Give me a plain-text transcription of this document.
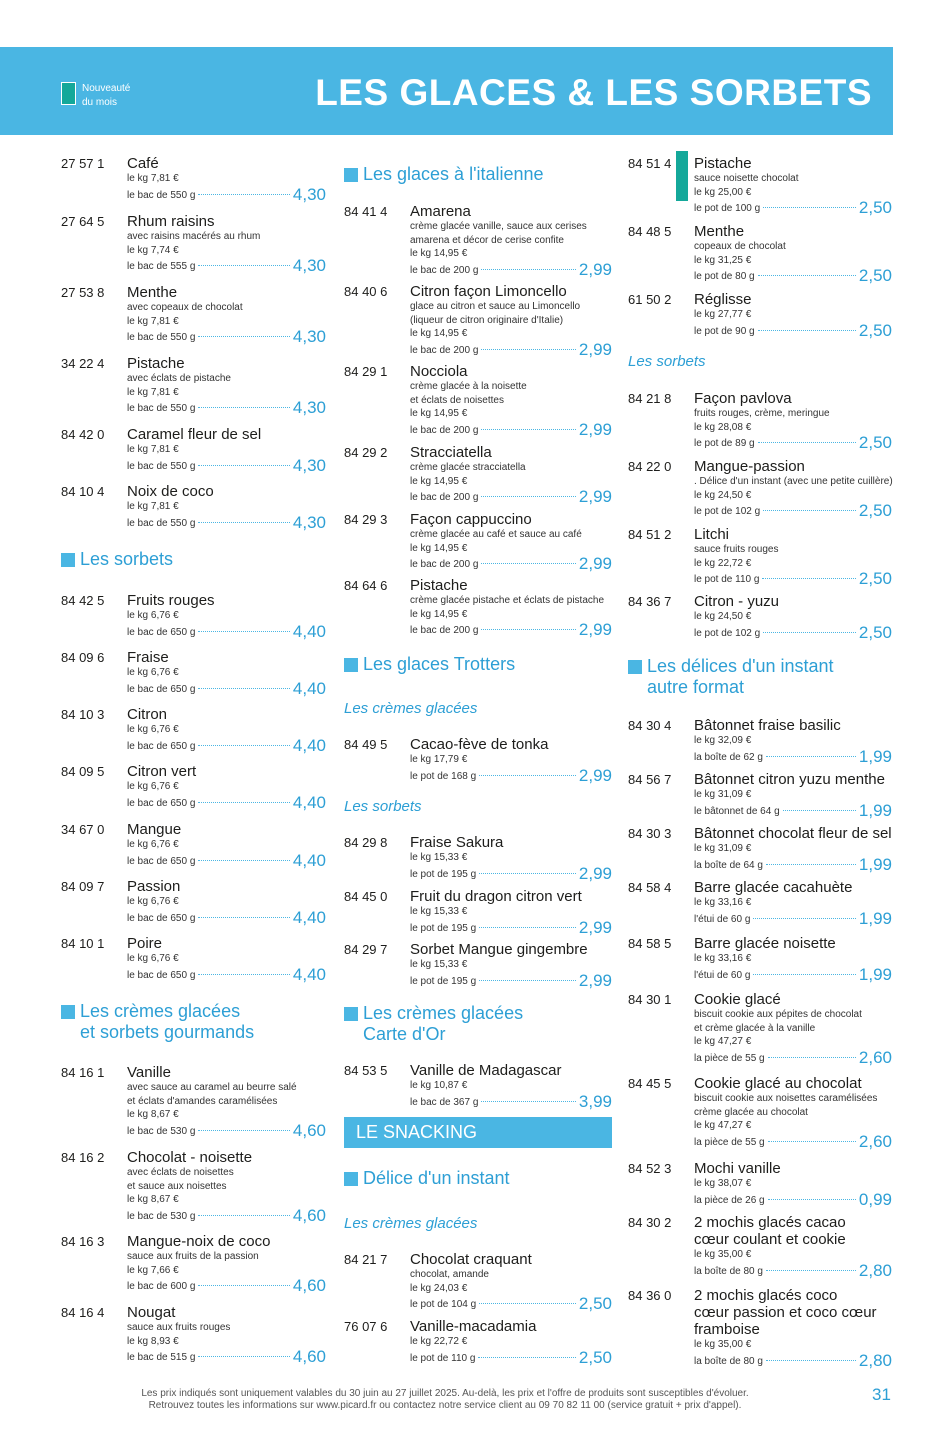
Nouveauté
du mois	LES GLACES & LES SORBETS
27 57 1 Café
le kg 7,81 €
le bac de 550 g	4,30
27 64 5 Rhum raisins
avec raisins macérés au rhum
le kg 7,74 €
le bac de 555 g	4,30
27 53 8 Menthe
avec copeaux de chocolat
le kg 7,81 €
le bac de 550 g	4,30
34 22 4 Pistache
avec éclats de pistache
le kg 7,81 €
le bac de 550 g	4,30
84 42 0 Caramel fleur de sel
le kg 7,81 €
le bac de 550 g	4,30
84 10 4 Noix de coco
le kg 7,81 €
le bac de 550 g	4,30
Les sorbets
84 42 5 Fruits rouges
le kg 6,76 €
le bac de 650 g	4,40
84 09 6 Fraise
le kg 6,76 €
le bac de 650 g	4,40
84 10 3 Citron
le kg 6,76 €
le bac de 650 g	4,40
84 09 5 Citron vert
le kg 6,76 €
le bac de 650 g	4,40
34 67 0 Mangue
le kg 6,76 €
le bac de 650 g	4,40
84 09 7 Passion
le kg 6,76 €
le bac de 650 g	4,40
84 10 1 Poire
le kg 6,76 €
le bac de 650 g	4,40
Les crèmes glacées
et sorbets gourmands
84 16 1 Vanille
avec sauce au caramel au beurre salé
et éclats d'amandes caramélisées
le kg 8,67 €
le bac de 530 g	4,60
84 16 2 Chocolat - noisette
avec éclats de noisettes
et sauce aux noisettes
le kg 8,67 €
le bac de 530 g	4,60
84 16 3 Mangue-noix de coco
sauce aux fruits de la passion
le kg 7,66 €
le bac de 600 g	4,60
84 16 4 Nougat
sauce aux fruits rouges
le kg 8,93 €
le bac de 515 g	4,60
Les glaces à l'italienne
84 41 4 Amarena
crème glacée vanille, sauce aux cerises
amarena et décor de cerise confite
le kg 14,95 €
le bac de 200 g	2,99
84 40 6 Citron façon Limoncello
glace au citron et sauce au Limoncello
(liqueur de citron originaire d'Italie)
le kg 14,95 €
le bac de 200 g	2,99
84 29 1 Nocciola
crème glacée à la noisette
et éclats de noisettes
le kg 14,95 €
le bac de 200 g	2,99
84 29 2 Stracciatella
crème glacée stracciatella
le kg 14,95 €
le bac de 200 g	2,99
84 29 3 Façon cappuccino
crème glacée au café et sauce au café
le kg 14,95 €
le bac de 200 g	2,99
84 64 6 Pistache
crème glacée pistache et éclats de pistache
le kg 14,95 €
le bac de 200 g	2,99
Les glaces Trotters
Les crèmes glacées
84 49 5 Cacao-fève de tonka
le kg 17,79 €
le pot de 168 g	2,99
Les sorbets
84 29 8 Fraise Sakura
le kg 15,33 €
le pot de 195 g	2,99
84 45 0 Fruit du dragon citron vert
le kg 15,33 €
le pot de 195 g	2,99
84 29 7 Sorbet Mangue gingembre
le kg 15,33 €
le pot de 195 g	2,99
Les crèmes glacées
Carte d'Or
84 53 5 Vanille de Madagascar
le kg 10,87 €
le bac de 367 g	3,99
LE SNACKING
Délice d'un instant
Les crèmes glacées
84 21 7 Chocolat craquant
chocolat, amande
le kg 24,03 €
le pot de 104 g	2,50
76 07 6 Vanille-macadamia
le kg 22,72 €
le pot de 110 g	2,50
84 51 4 Pistache
sauce noisette chocolat
le kg 25,00 €
le pot de 100 g	2,50
84 48 5 Menthe
copeaux de chocolat
le kg 31,25 €
le pot de 80 g	2,50
61 50 2 Réglisse
le kg 27,77 €
le pot de 90 g	2,50
Les sorbets
84 21 8 Façon pavlova
fruits rouges, crème, meringue
le kg 28,08 €
le pot de 89 g	2,50
84 22 0 Mangue-passion
. Délice d'un instant (avec une petite cuillère)
le kg 24,50 €
le pot de 102 g	2,50
84 51 2 Litchi
sauce fruits rouges
le kg 22,72 €
le pot de 110 g	2,50
84 36 7 Citron - yuzu
le kg 24,50 €
le pot de 102 g	2,50
Les délices d'un instant
autre format
84 30 4 Bâtonnet fraise basilic
le kg 32,09 €
la boîte de 62 g	1,99
84 56 7 Bâtonnet citron yuzu menthe
le kg 31,09 €
le bâtonnet de 64 g	1,99
84 30 3 Bâtonnet chocolat fleur de sel
le kg 31,09 €
la boîte de 64 g	1,99
84 58 4 Barre glacée cacahuète
le kg 33,16 €
l'étui de 60 g	1,99
84 58 5 Barre glacée noisette
le kg 33,16 €
l'étui de 60 g	1,99
84 30 1 Cookie glacé
biscuit cookie aux pépites de chocolat
et crème glacée à la vanille
le kg 47,27 €
la pièce de 55 g	2,60
84 45 5 Cookie glacé au chocolat
biscuit cookie aux noisettes caramélisées
crème glacée au chocolat
le kg 47,27 €
la pièce de 55 g	2,60
84 52 3 Mochi vanille
le kg 38,07 €
la pièce de 26 g	0,99
84 30 2 2 mochis glacés cacao
cœur coulant et cookie
le kg 35,00 €
la boîte de 80 g	2,80
84 36 0 2 mochis glacés coco
cœur passion et coco cœur
framboise
le kg 35,00 €
la boîte de 80 g	2,80
Les prix indiqués sont uniquement valables du 30 juin au 27 juillet 2025. Au-delà, les prix et l'offre de produits sont susceptibles d'évoluer.
Retrouvez toutes les informations sur www.picard.fr ou contactez notre service client au 09 70 82 11 00 (service gratuit + prix d'appel).
31
